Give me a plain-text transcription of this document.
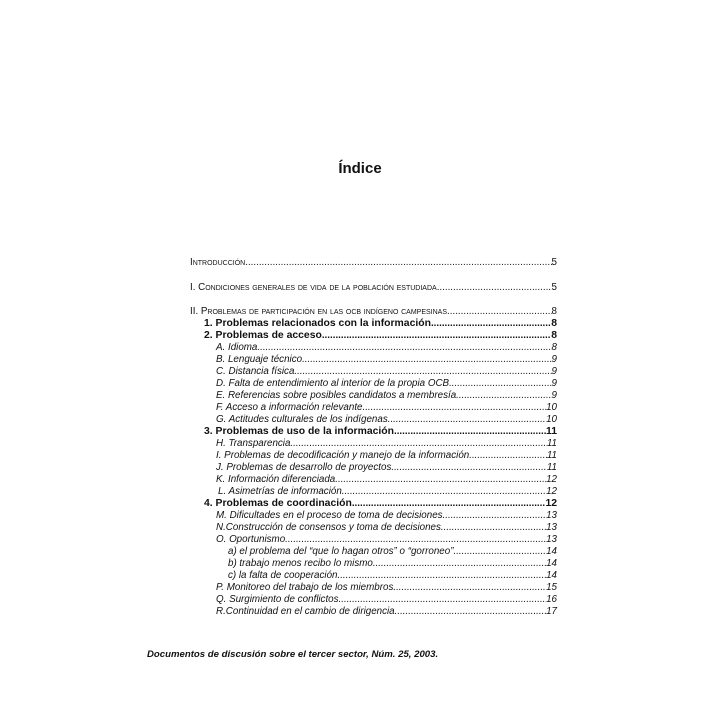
Índice
Introducción .....	5
I. Condiciones generales de vida de la población estudiada .....	5
II. Problemas de participación en las ocb indígeno campesinas .....	8
1. Problemas relacionados con la información .....	8
2. Problemas de acceso .....	8
A. Idioma .....	8
B. Lenguaje técnico .....	9
C. Distancia física .....	9
D. Falta de entendimiento al interior de la propia OCB .....	9
E. Referencias sobre posibles candidatos a membresía .....	9
F. Acceso a información relevante .....	10
G. Actitudes culturales de los indígenas .....	10
3. Problemas de uso de la información .....	11
H. Transparencia .....	11
I. Problemas de decodificación y manejo de la información .....	11
J. Problemas de desarrollo de proyectos .....	11
K. Información diferenciada .....	12
L. Asimetrías de información .....	12
4. Problemas de coordinación .....	12
M. Dificultades en el proceso de toma de decisiones .....	13
N.Construcción de consensos y toma de decisiones .....	13
O. Oportunismo .....	13
a) el problema del “que lo hagan otros” o “gorroneo” .....	14
b) trabajo menos recibo lo mismo .....	14
c) la falta de cooperación .....	14
P. Monitoreo del trabajo de los miembros .....	15
Q. Surgimiento de conflictos .....	16
R.Continuidad en el cambio de dirigencia .....	17
Documentos de discusión sobre el tercer sector, Núm. 25, 2003.
